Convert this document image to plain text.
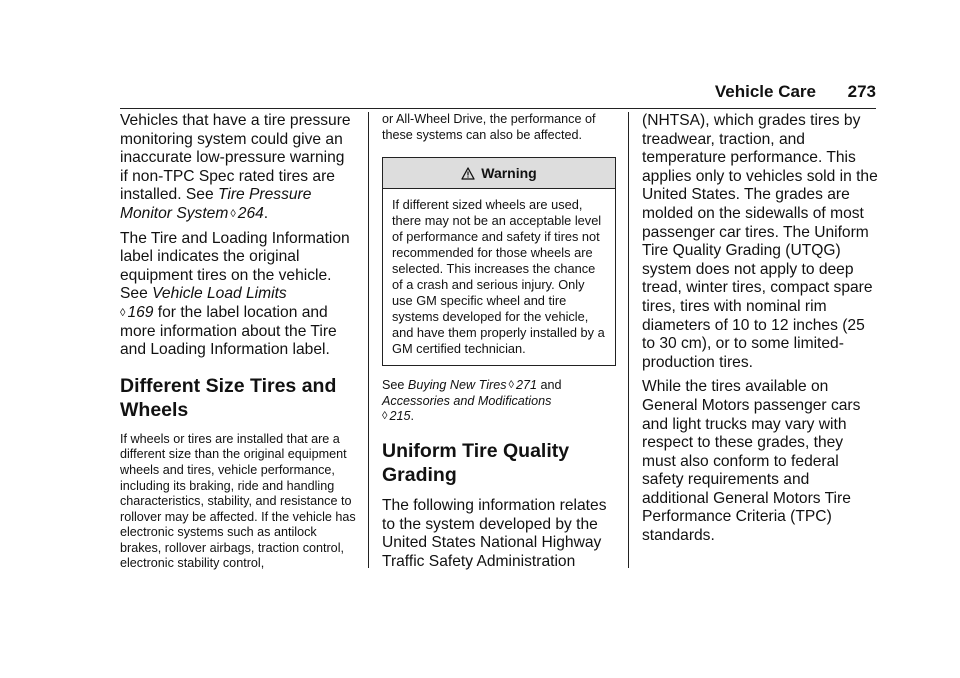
Vehicle Care 273

Vehicles that have a tire pressure monitoring system could give an inaccurate low-pressure warning if non-TPC Spec rated tires are installed. See Tire Pressure Monitor System ◊ 264.

The Tire and Loading Information label indicates the original equipment tires on the vehicle. See Vehicle Load Limits
◊ 169 for the label location and more information about the Tire and Loading Information label.

Different Size Tires and Wheels

If wheels or tires are installed that are a different size than the original equipment wheels and tires, vehicle performance, including its braking, ride and handling characteristics, stability, and resistance to rollover may be affected. If the vehicle has electronic systems such as antilock brakes, rollover airbags, traction control, electronic stability control,

or All-Wheel Drive, the performance of these systems can also be affected.

Warning
If different sized wheels are used, there may not be an acceptable level of performance and safety if tires not recommended for those wheels are selected. This increases the chance of a crash and serious injury. Only use GM specific wheel and tire systems developed for the vehicle, and have them properly installed by a GM certified technician.

See Buying New Tires ◊ 271 and
Accessories and Modifications
◊ 215.

Uniform Tire Quality Grading

The following information relates to the system developed by the United States National Highway Traffic Safety Administration

(NHTSA), which grades tires by treadwear, traction, and temperature performance. This applies only to vehicles sold in the United States. The grades are molded on the sidewalls of most passenger car tires. The Uniform Tire Quality Grading (UTQG) system does not apply to deep tread, winter tires, compact spare tires, tires with nominal rim diameters of 10 to 12 inches (25 to 30 cm), or to some limited-production tires.

While the tires available on General Motors passenger cars and light trucks may vary with respect to these grades, they must also conform to federal safety requirements and additional General Motors Tire Performance Criteria (TPC) standards.
